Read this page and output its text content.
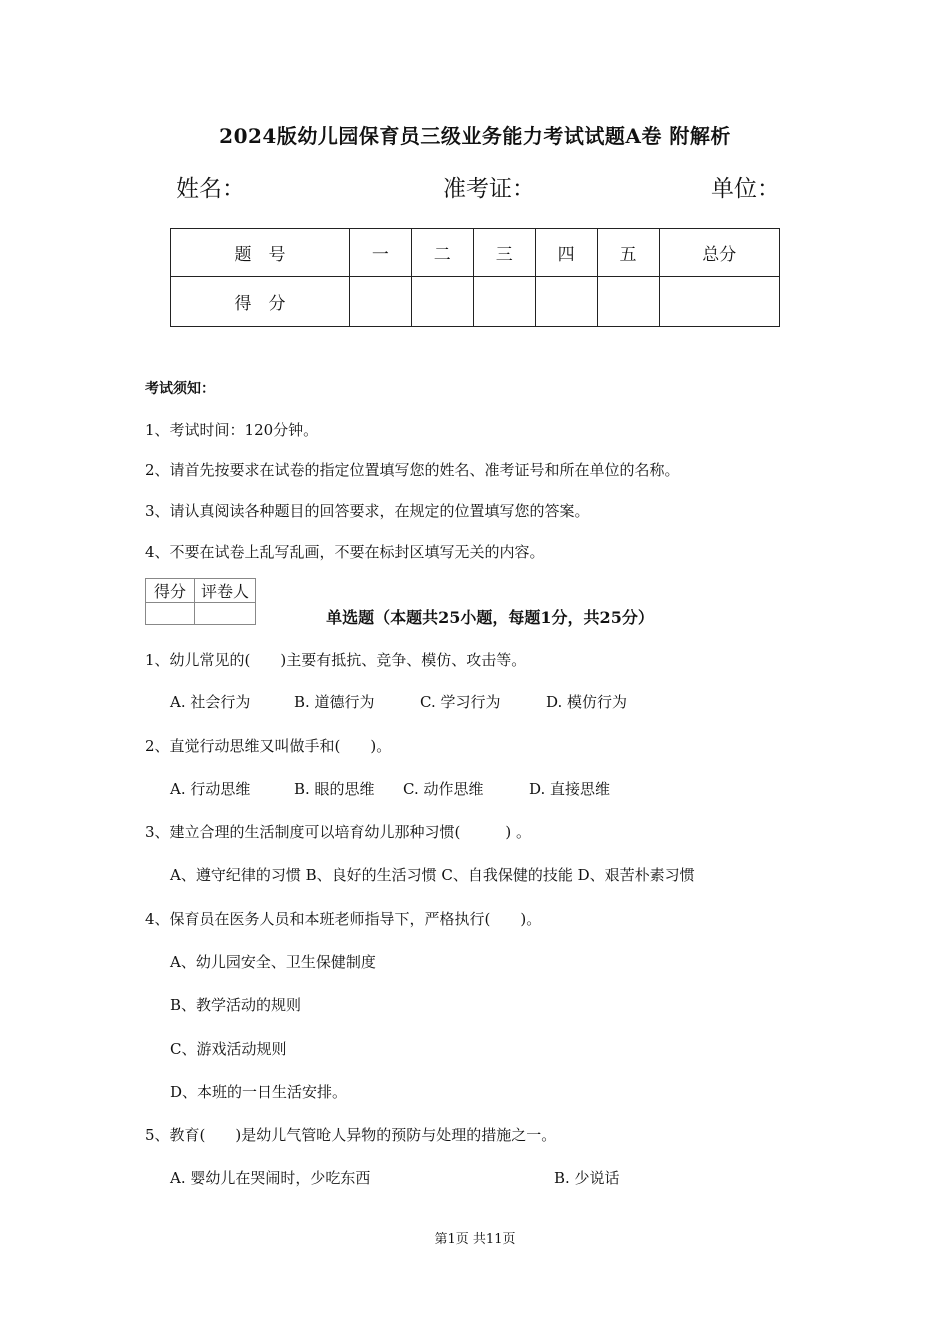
2024版幼儿园保育员三级业务能力考试试题A卷 附解析
姓名：	准考证：	单位：
题　号	一	二	三	四	五	总分
得　分						
考试须知：
1、考试时间：120分钟。
2、请首先按要求在试卷的指定位置填写您的姓名、准考证号和所在单位的名称。
3、请认真阅读各种题目的回答要求，在规定的位置填写您的答案。
4、不要在试卷上乱写乱画，不要在标封区填写无关的内容。
得分	评卷人

单选题（本题共25小题，每题1分，共25分）
1、幼儿常见的(　　)主要有抵抗、竞争、模仿、攻击等。
A. 社会行为	B. 道德行为	C. 学习行为	D. 模仿行为
2、直觉行动思维又叫做手和(　　)。
A. 行动思维	B. 眼的思维 C. 动作思维	D. 直接思维
3、建立合理的生活制度可以培育幼儿那种习惯(　　　) 。
A、遵守纪律的习惯 B、良好的生活习惯 C、自我保健的技能 D、艰苦朴素习惯
4、保育员在医务人员和本班老师指导下，严格执行(　　)。
A、幼儿园安全、卫生保健制度
B、教学活动的规则
C、游戏活动规则
D、本班的一日生活安排。
5、教育(　　)是幼儿气管呛人异物的预防与处理的措施之一。
A. 婴幼儿在哭闹时，少吃东西	B. 少说话
第1页 共11页
